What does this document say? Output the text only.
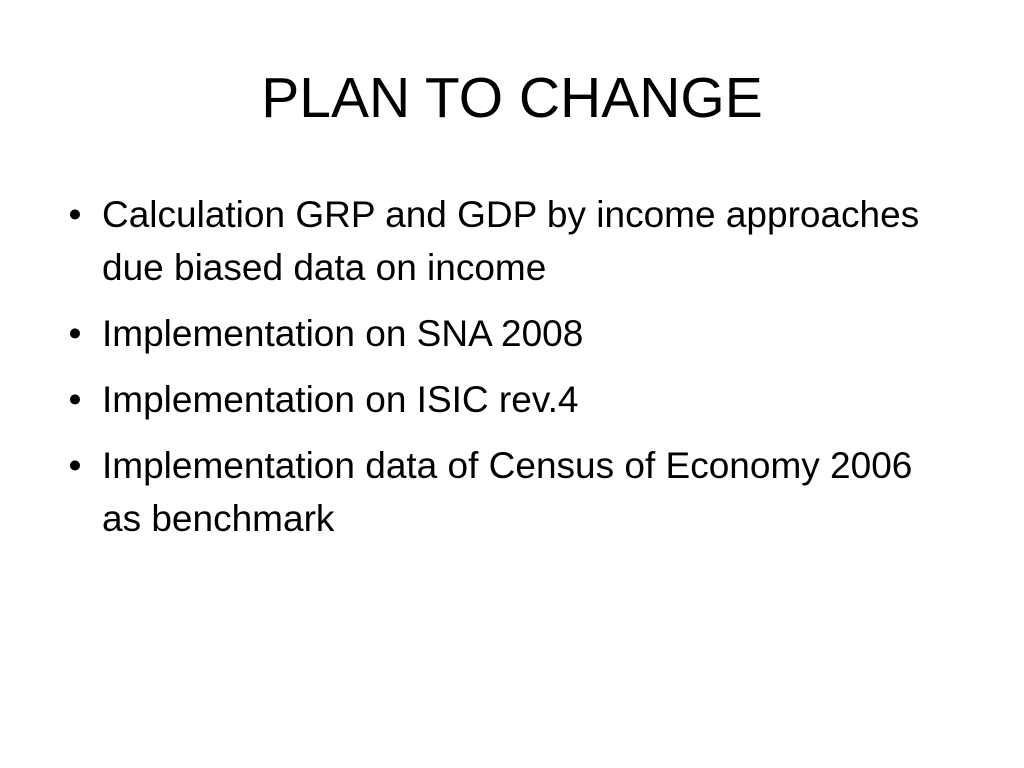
PLAN TO CHANGE
• Calculation GRP and GDP by income approaches due biased data on income
• Implementation on SNA 2008
• Implementation on ISIC rev.4
• Implementation data of Census of Economy 2006 as benchmark
